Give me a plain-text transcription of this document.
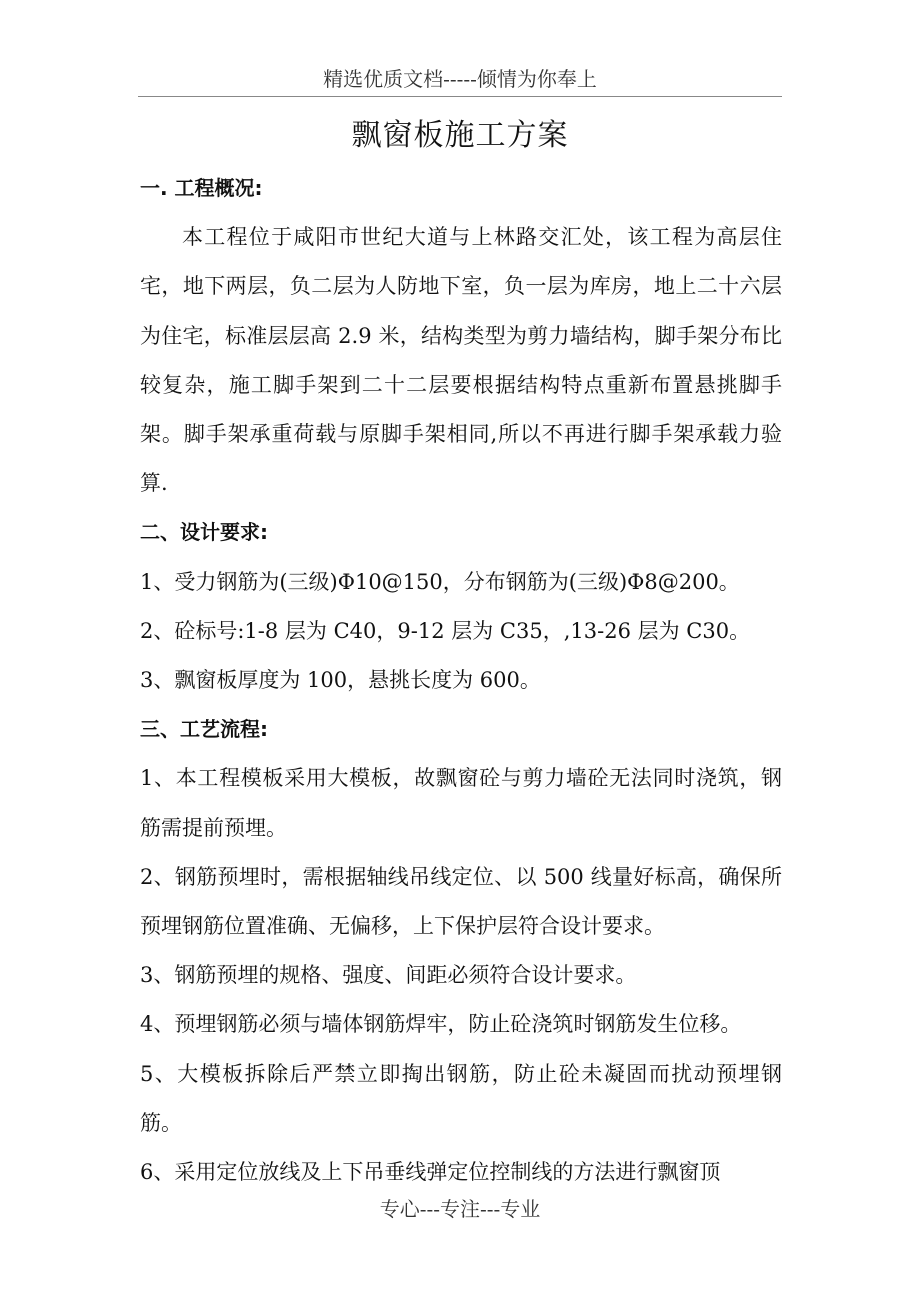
精选优质文档-----倾情为你奉上
飘窗板施工方案

一. 工程概况:

本工程位于咸阳市世纪大道与上林路交汇处，该工程为高层住宅，地下两层，负二层为人防地下室，负一层为库房，地上二十六层为住宅，标准层层高 2.9 米，结构类型为剪力墙结构，脚手架分布比较复杂，施工脚手架到二十二层要根据结构特点重新布置悬挑脚手架。脚手架承重荷载与原脚手架相同,所以不再进行脚手架承载力验算.

二、设计要求:

1、受力钢筋为(三级)Φ10@150，分布钢筋为(三级)Φ8@200。

2、砼标号:1-8 层为 C40，9-12 层为 C35，,13-26 层为 C30。

3、飘窗板厚度为 100，悬挑长度为 600。

三、工艺流程:

1、本工程模板采用大模板，故飘窗砼与剪力墙砼无法同时浇筑，钢筋需提前预埋。

2、钢筋预埋时，需根据轴线吊线定位、以 500 线量好标高，确保所预埋钢筋位置准确、无偏移，上下保护层符合设计要求。

3、钢筋预埋的规格、强度、间距必须符合设计要求。

4、预埋钢筋必须与墙体钢筋焊牢，防止砼浇筑时钢筋发生位移。

5、大模板拆除后严禁立即掏出钢筋，防止砼未凝固而扰动预埋钢筋。

6、采用定位放线及上下吊垂线弹定位控制线的方法进行飘窗顶

专心---专注---专业
